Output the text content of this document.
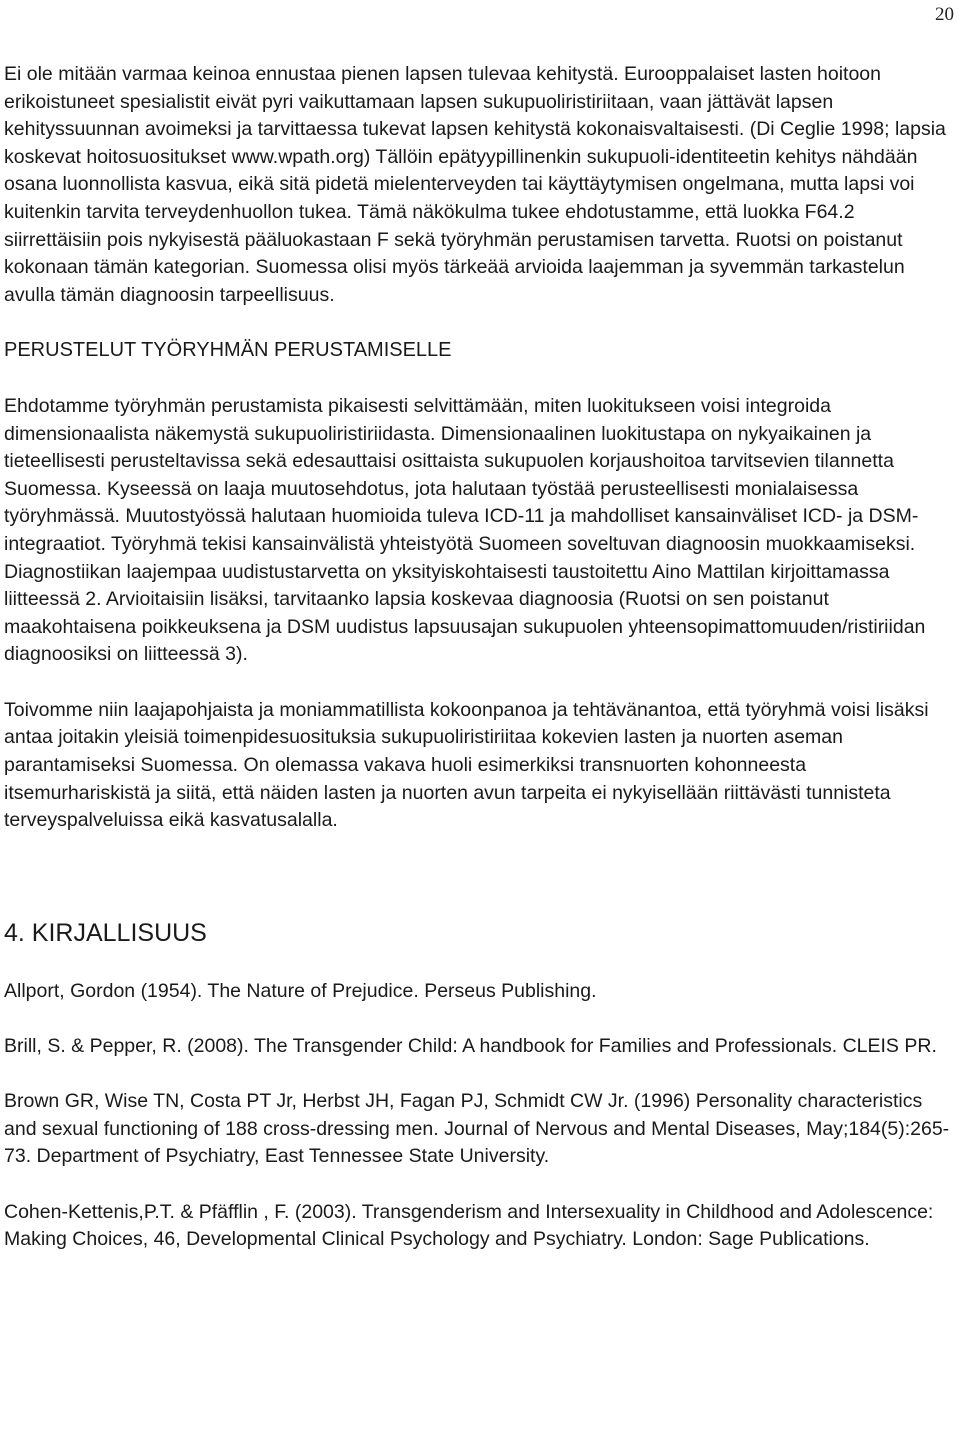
20

Ei ole mitään varmaa keinoa ennustaa pienen lapsen tulevaa kehitystä. Eurooppalaiset lasten hoitoon erikoistuneet spesialistit eivät pyri vaikuttamaan lapsen sukupuoliristiriitaan, vaan jättävät lapsen kehityssuunnan avoimeksi ja tarvittaessa tukevat lapsen kehitystä kokonaisvaltaisesti. (Di Ceglie 1998; lapsia koskevat hoitosuositukset www.wpath.org) Tällöin epätyypillinenkin sukupuoli-identiteetin kehitys nähdään osana luonnollista kasvua, eikä sitä pidetä mielenterveyden tai käyttäytymisen ongelmana, mutta lapsi voi kuitenkin tarvita terveydenhuollon tukea. Tämä näkökulma tukee ehdotustamme, että luokka F64.2 siirrettäisiin pois nykyisestä pääluokastaan F sekä työryhmän perustamisen tarvetta. Ruotsi on poistanut kokonaan tämän kategorian. Suomessa olisi myös tärkeää arvioida laajemman ja syvemmän tarkastelun avulla tämän diagnoosin tarpeellisuus.

PERUSTELUT TYÖRYHMÄN PERUSTAMISELLE

Ehdotamme työryhmän perustamista pikaisesti selvittämään, miten luokitukseen voisi integroida dimensionaalista näkemystä sukupuoliristiriidasta. Dimensionaalinen luokitustapa on nykyaikainen ja tieteellisesti perusteltavissa sekä edesauttaisi osittaista sukupuolen korjaushoitoa tarvitsevien tilannetta Suomessa. Kyseessä on laaja muutosehdotus, jota halutaan työstää perusteellisesti monialaisessa työryhmässä. Muutostyössä halutaan huomioida tuleva ICD-11 ja mahdolliset kansainväliset ICD- ja DSM-integraatiot. Työryhmä tekisi kansainvälistä yhteistyötä Suomeen soveltuvan diagnoosin muokkaamiseksi. Diagnostiikan laajempaa uudistustarvetta on yksityiskohtaisesti taustoitettu Aino Mattilan kirjoittamassa liitteessä 2. Arvioitaisiin lisäksi, tarvitaanko lapsia koskevaa diagnoosia (Ruotsi on sen poistanut maakohtaisena poikkeuksena ja DSM uudistus lapsuusajan sukupuolen yhteensopimattomuuden/ristiriidan diagnoosiksi on liitteessä 3).

Toivomme niin laajapohjaista ja moniammatillista kokoonpanoa ja tehtävänantoa, että työryhmä voisi lisäksi antaa joitakin yleisiä toimenpidesuosituksia sukupuoliristiriitaa kokevien lasten ja nuorten aseman parantamiseksi Suomessa. On olemassa vakava huoli esimerkiksi transnuorten kohonneesta itsemurhariskistä ja siitä, että näiden lasten ja nuorten avun tarpeita ei nykyisellään riittävästi tunnisteta terveyspalveluissa eikä kasvatusalalla.

4. KIRJALLISUUS

Allport, Gordon (1954). The Nature of Prejudice. Perseus Publishing.

Brill, S. & Pepper, R. (2008). The Transgender Child: A handbook for Families and Professionals. CLEIS PR.

Brown GR, Wise TN, Costa PT Jr, Herbst JH, Fagan PJ, Schmidt CW Jr. (1996) Personality characteristics and sexual functioning of 188 cross-dressing men. Journal of Nervous and Mental Diseases, May;184(5):265-73. Department of Psychiatry, East Tennessee State University.

Cohen-Kettenis,P.T. & Pfäfflin , F. (2003). Transgenderism and Intersexuality in Childhood and Adolescence: Making Choices, 46, Developmental Clinical Psychology and Psychiatry. London: Sage Publications.
